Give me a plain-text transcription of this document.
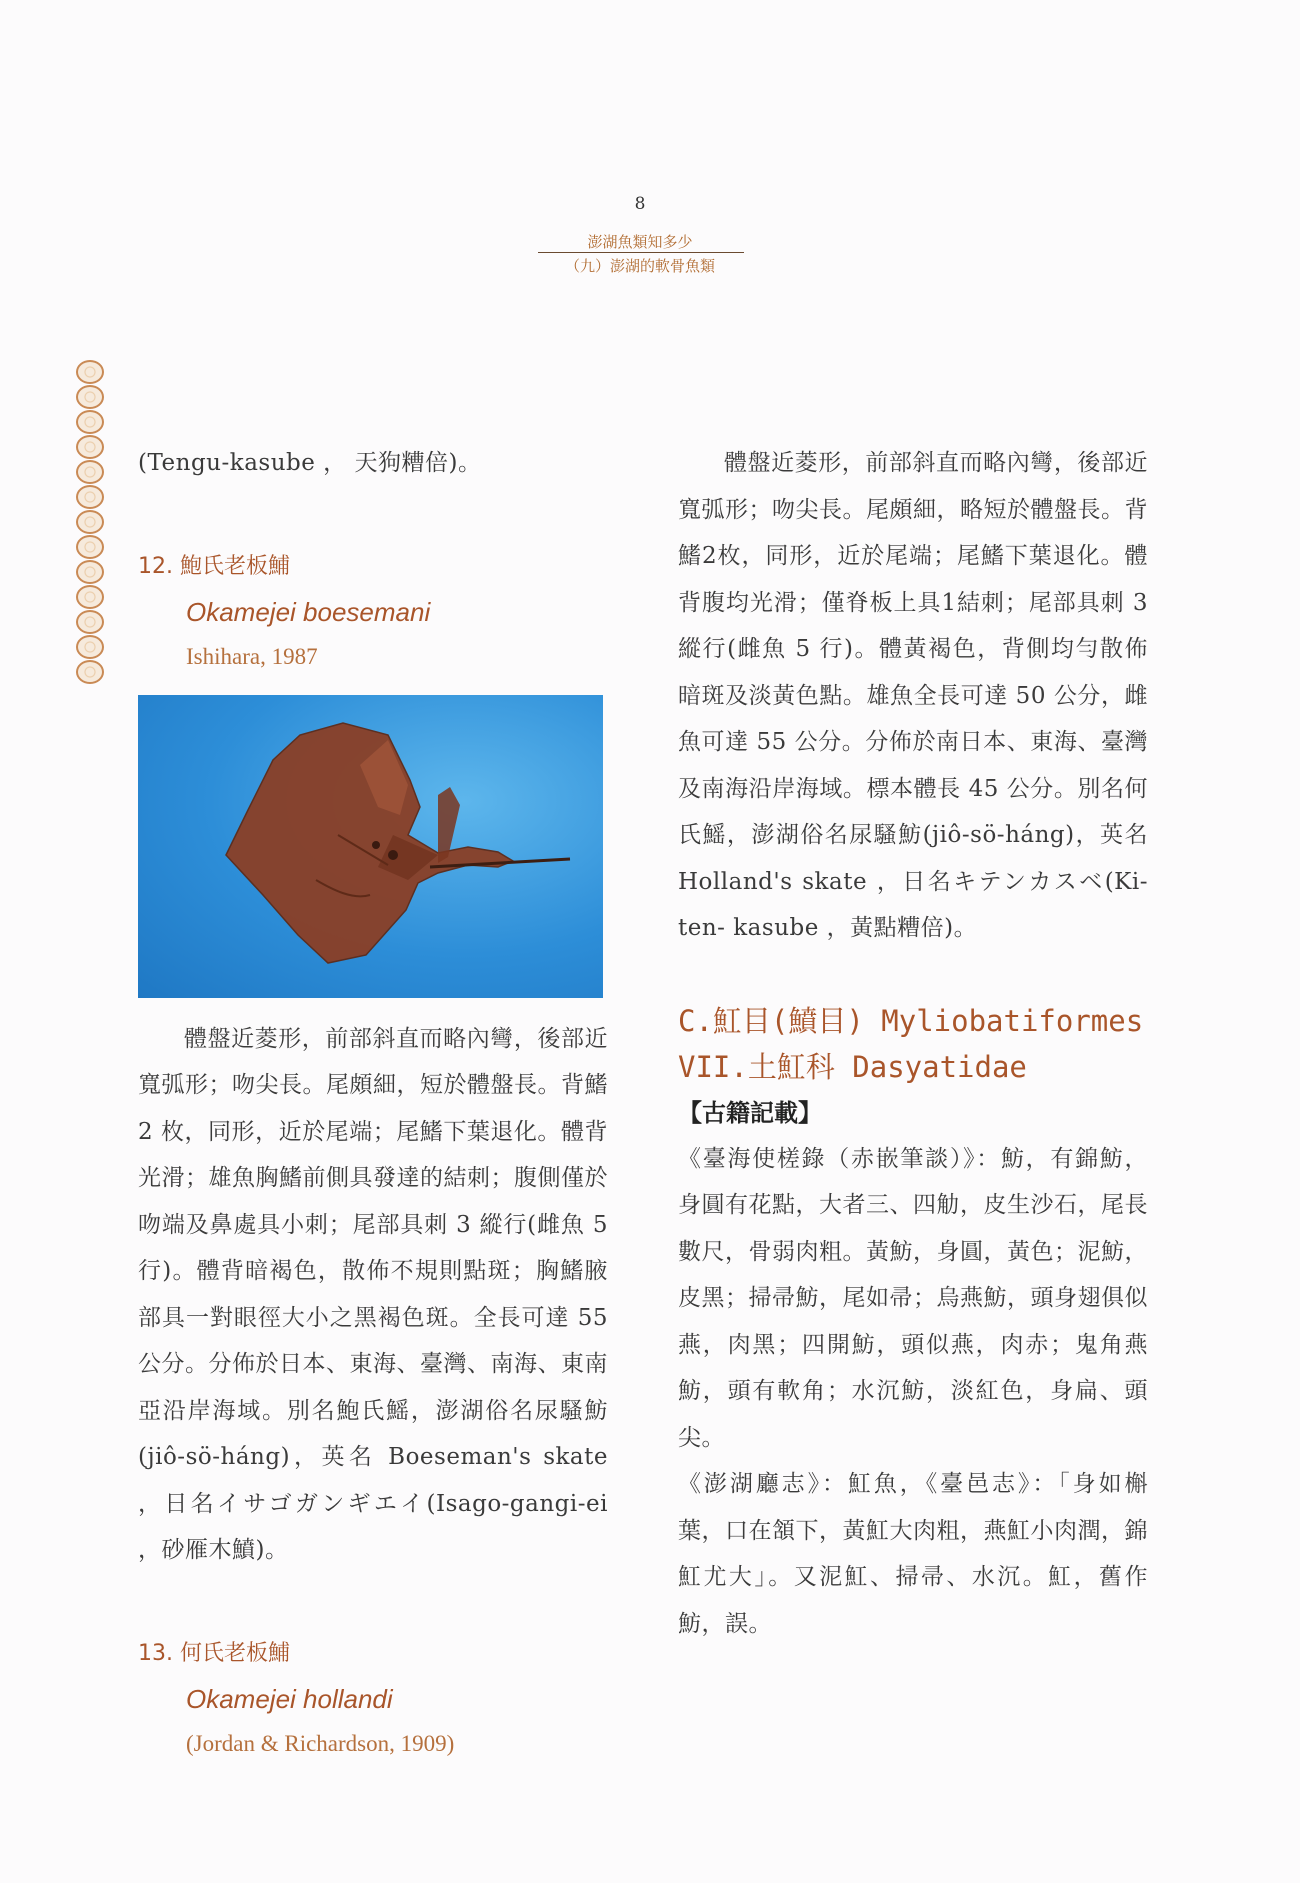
8
澎湖魚類知多少
（九）澎湖的軟骨魚類

(Tengu-kasube ， 天狗糟倍)。

12. 鮑氏老板鯆
Okamejei boesemani
Ishihara, 1987

體盤近菱形，前部斜直而略內彎，後部近寬弧形；吻尖長。尾頗細，短於體盤長。背鰭 2 枚，同形，近於尾端；尾鰭下葉退化。體背光滑；雄魚胸鰭前側具發達的結刺；腹側僅於吻端及鼻處具小刺；尾部具刺 3 縱行(雌魚 5 行)。體背暗褐色，散佈不規則點斑；胸鰭腋部具一對眼徑大小之黑褐色斑。全長可達 55 公分。分佈於日本、東海、臺灣、南海、東南亞沿岸海域。別名鮑氏鰩，澎湖俗名尿騷魴(jiô-sö-háng)，英名 Boeseman's skate ，日名イサゴガンギエイ(Isago-gangi-ei ，砂雁木鱝)。

13. 何氏老板鯆
Okamejei hollandi
(Jordan & Richardson, 1909)

體盤近菱形，前部斜直而略內彎，後部近寬弧形；吻尖長。尾頗細，略短於體盤長。背鰭2枚，同形，近於尾端；尾鰭下葉退化。體背腹均光滑；僅脊板上具1結刺；尾部具刺 3 縱行(雌魚 5 行)。體黃褐色，背側均勻散佈暗斑及淡黃色點。雄魚全長可達 50 公分，雌魚可達 55 公分。分佈於南日本、東海、臺灣及南海沿岸海域。標本體長 45 公分。別名何氏鰩，澎湖俗名尿騷魴(jiô-sö-háng)，英名 Holland's skate ，日名キテンカスベ(Ki-ten- kasube ，黃點糟倍)。

C.魟目(鱝目) Myliobatiformes

VII.土魟科 Dasyatidae

【古籍記載】

《臺海使槎錄（赤嵌筆談）》：魴，有錦魴，身圓有花點，大者三、四觔，皮生沙石，尾長數尺，骨弱肉粗。黃魴，身圓，黃色；泥魴，皮黑；掃帚魴，尾如帚；烏燕魴，頭身翅俱似燕，肉黑；四開魴，頭似燕，肉赤；鬼角燕魴，頭有軟角；水沉魴，淡紅色，身扁、頭尖。

《澎湖廳志》：魟魚，《臺邑志》：「身如槲葉，口在頷下，黃魟大肉粗，燕魟小肉潤，錦魟尤大」。又泥魟、掃帚、水沉。魟，舊作魴，誤。
